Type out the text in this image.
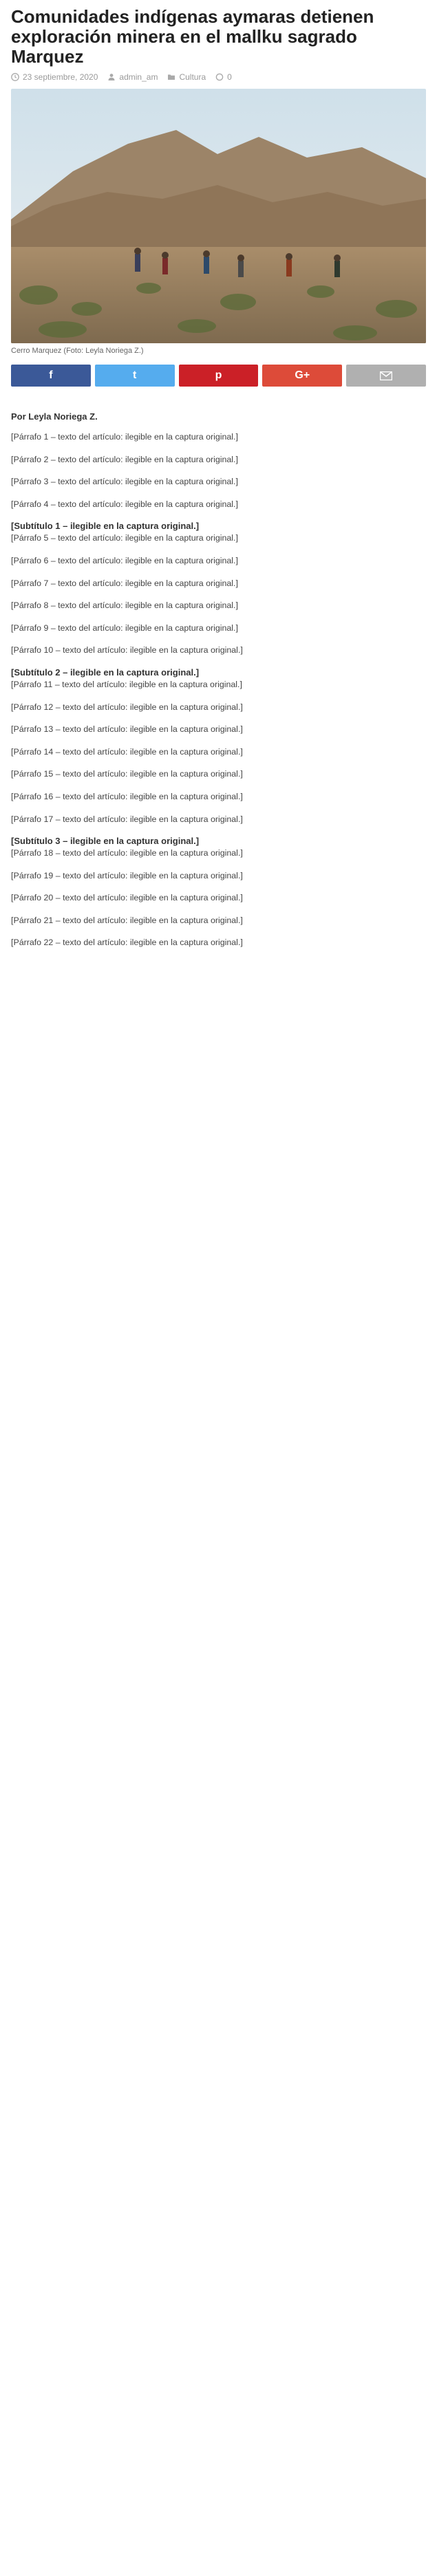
Comunidades indígenas aymaras detienen exploración minera en el mallku sagrado Marquez
23 septiembre, 2020	admin_am	Cultura	0
Cerro Marquez (Foto: Leyla Noriega Z.)
f	t	p	G+
Por Leyla Noriega Z.

[Párrafo 1 – texto del artículo: ilegible en la captura original.]

[Párrafo 2 – texto del artículo: ilegible en la captura original.]

[Párrafo 3 – texto del artículo: ilegible en la captura original.]

[Párrafo 4 – texto del artículo: ilegible en la captura original.]

[Subtítulo 1 – ilegible en la captura original.]

[Párrafo 5 – texto del artículo: ilegible en la captura original.]

[Párrafo 6 – texto del artículo: ilegible en la captura original.]

[Párrafo 7 – texto del artículo: ilegible en la captura original.]

[Párrafo 8 – texto del artículo: ilegible en la captura original.]

[Párrafo 9 – texto del artículo: ilegible en la captura original.]

[Párrafo 10 – texto del artículo: ilegible en la captura original.]

[Subtítulo 2 – ilegible en la captura original.]

[Párrafo 11 – texto del artículo: ilegible en la captura original.]

[Párrafo 12 – texto del artículo: ilegible en la captura original.]

[Párrafo 13 – texto del artículo: ilegible en la captura original.]

[Párrafo 14 – texto del artículo: ilegible en la captura original.]

[Párrafo 15 – texto del artículo: ilegible en la captura original.]

[Párrafo 16 – texto del artículo: ilegible en la captura original.]

[Párrafo 17 – texto del artículo: ilegible en la captura original.]

[Subtítulo 3 – ilegible en la captura original.]

[Párrafo 18 – texto del artículo: ilegible en la captura original.]

[Párrafo 19 – texto del artículo: ilegible en la captura original.]

[Párrafo 20 – texto del artículo: ilegible en la captura original.]

[Párrafo 21 – texto del artículo: ilegible en la captura original.]

[Párrafo 22 – texto del artículo: ilegible en la captura original.]
